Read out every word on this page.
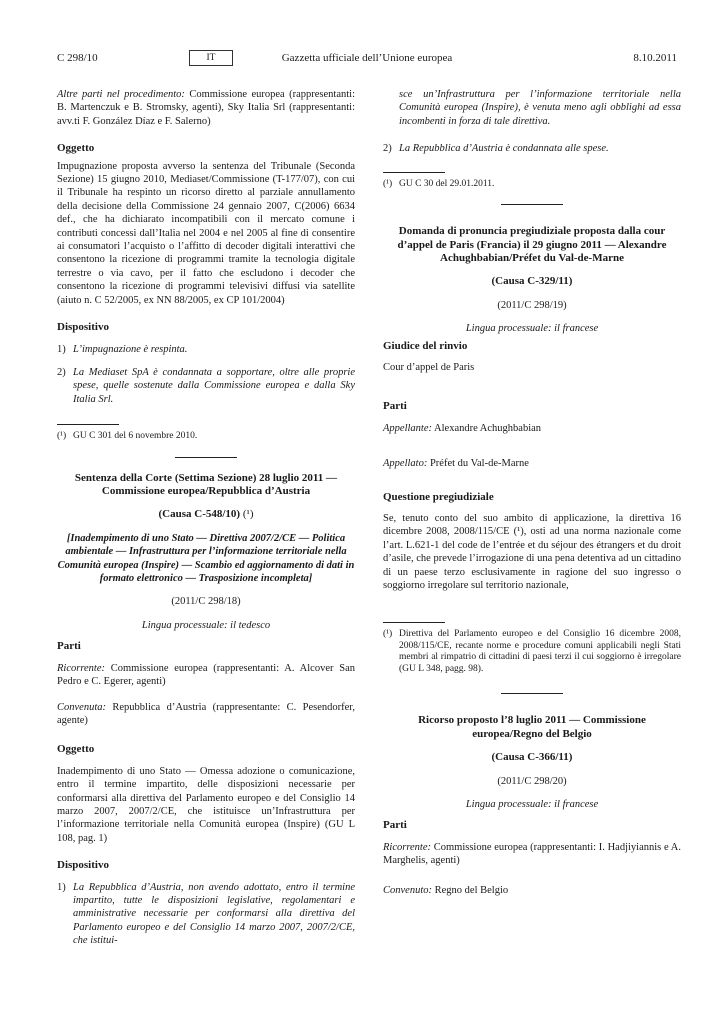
C 298/10	IT	Gazzetta ufficiale dell’Unione europea	8.10.2011

Altre parti nel procedimento: Commissione europea (rappresentanti: B. Martenczuk e B. Stromsky, agenti), Sky Italia Srl (rappresentanti: avv.ti F. González Díaz e F. Salerno)

Oggetto

Impugnazione proposta avverso la sentenza del Tribunale (Seconda Sezione) 15 giugno 2010, Mediaset/Commissione (T-177/07), con cui il Tribunale ha respinto un ricorso diretto al parziale annullamento della decisione della Commissione 24 gennaio 2007, C(2006) 6634 def., che ha dichiarato incompatibili con il mercato comune i contributi concessi dall’Italia nel 2004 e nel 2005 al fine di consentire ai consumatori l’acquisto o l’affitto di decoder digitali interattivi che consentono la ricezione di programmi tramite la tecnologia digitale terrestre o via cavo, per il fatto che escludono i decoder che consentono la ricezione di programmi televisivi diffusi via satellite (aiuto n. C 52/2005, ex NN 88/2005, ex CP 101/2004)

Dispositivo
1) L’impugnazione è respinta.
2) La Mediaset SpA è condannata a sopportare, oltre alle proprie spese, quelle sostenute dalla Commissione europea e dalla Sky Italia Srl.
(¹) GU C 301 del 6 novembre 2010.
Sentenza della Corte (Settima Sezione) 28 luglio 2011 — Commissione europea/Repubblica d’Austria
(Causa C-548/10) (¹)

[Inadempimento di uno Stato — Direttiva 2007/2/CE — Politica ambientale — Infrastruttura per l’informazione territoriale nella Comunità europea (Inspire) — Scambio ed aggiornamento di dati in formato elettronico — Trasposizione incompleta]

(2011/C 298/18)

Lingua processuale: il tedesco

Parti

Ricorrente: Commissione europea (rappresentanti: A. Alcover San Pedro e C. Egerer, agenti)

Convenuta: Repubblica d’Austria (rappresentante: C. Pesendorfer, agente)

Oggetto

Inadempimento di uno Stato — Omessa adozione o comunicazione, entro il termine impartito, delle disposizioni necessarie per conformarsi alla direttiva del Parlamento europeo e del Consiglio 14 marzo 2007, 2007/2/CE, che istituisce un’Infrastruttura per l’informazione territoriale nella Comunità europea (Inspire) (GU L 108, pag. 1)

Dispositivo
1) La Repubblica d’Austria, non avendo adottato, entro il termine impartito, tutte le disposizioni legislative, regolamentari e amministrative necessarie per conformarsi alla direttiva del Parlamento europeo e del Consiglio 14 marzo 2007, 2007/2/CE, che istitui-
sce un’Infrastruttura per l’informazione territoriale nella Comunità europea (Inspire), è venuta meno agli obblighi ad essa incombenti in forza di tale direttiva.
2) La Repubblica d’Austria è condannata alle spese.
(¹) GU C 30 del 29.01.2011.
Domanda di pronuncia pregiudiziale proposta dalla cour d’appel de Paris (Francia) il 29 giugno 2011 — Alexandre Achughbabian/Préfet du Val-de-Marne
(Causa C-329/11)

(2011/C 298/19)

Lingua processuale: il francese

Giudice del rinvio

Cour d’appel de Paris

Parti

Appellante: Alexandre Achughbabian

Appellato: Préfet du Val-de-Marne

Questione pregiudiziale

Se, tenuto conto del suo ambito di applicazione, la direttiva 16 dicembre 2008, 2008/115/CE (¹), osti ad una norma nazionale come l’art. L.621-1 del code de l’entrée et du séjour des étrangers et du droit d’asile, che prevede l’irrogazione di una pena detentiva ad un cittadino di un paese terzo esclusivamente in ragione del suo ingresso o soggiorno irregolare sul territorio nazionale,

(¹) Direttiva del Parlamento europeo e del Consiglio 16 dicembre 2008, 2008/115/CE, recante norme e procedure comuni applicabili negli Stati membri al rimpatrio di cittadini di paesi terzi il cui soggiorno è irregolare (GU L 348, pagg. 98).
Ricorso proposto l’8 luglio 2011 — Commissione europea/Regno del Belgio
(Causa C-366/11)

(2011/C 298/20)

Lingua processuale: il francese

Parti

Ricorrente: Commissione europea (rappresentanti: I. Hadjiyiannis e A. Marghelis, agenti)

Convenuto: Regno del Belgio
